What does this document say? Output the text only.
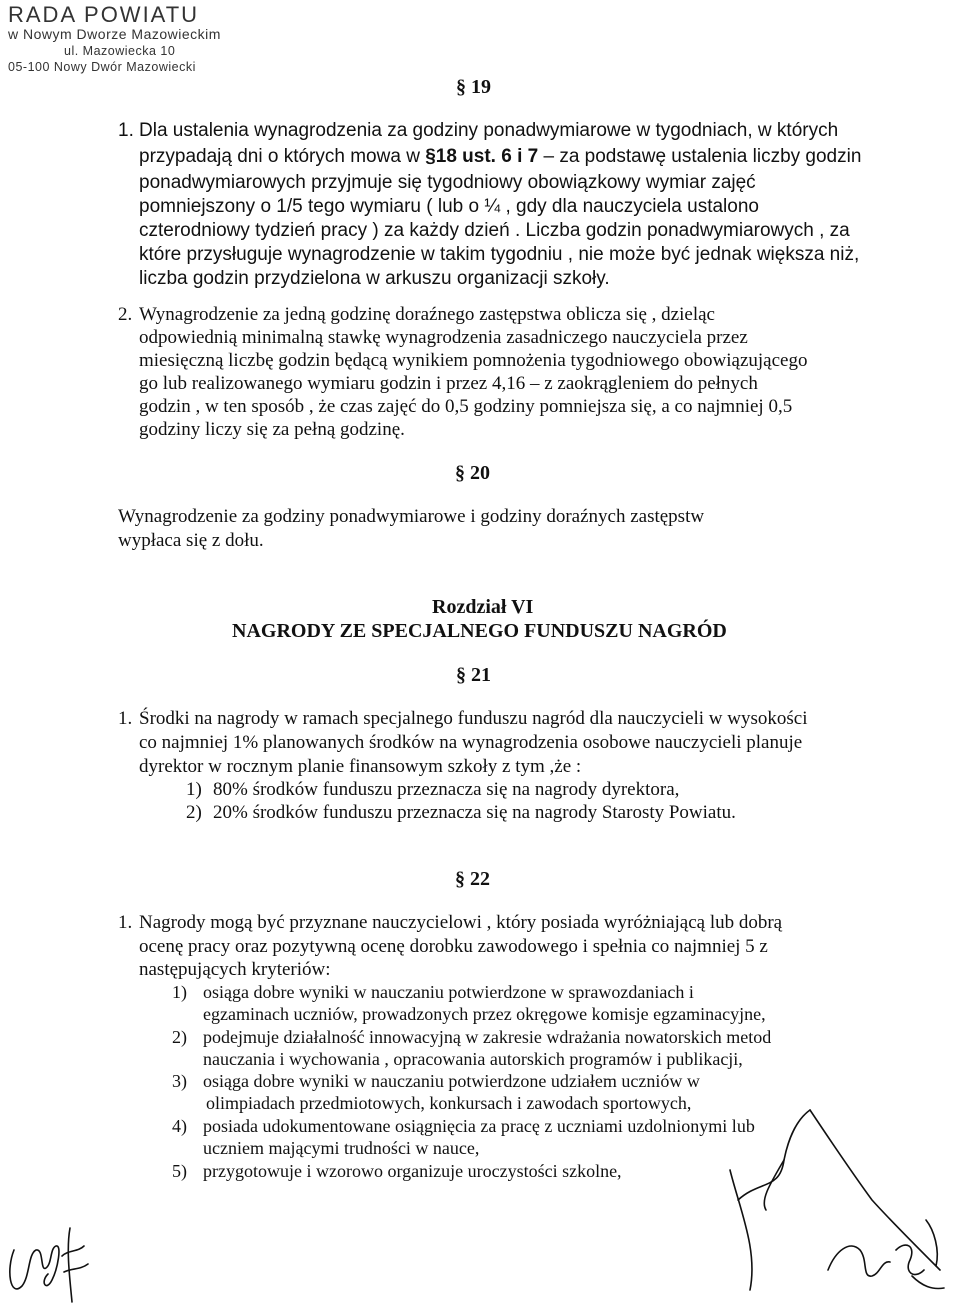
RADA POWIATU
w Nowym Dworze Mazowieckim
ul. Mazowiecka 10
05-100 Nowy Dwór Mazowiecki
§ 19
1. Dla ustalenia wynagrodzenia za godziny ponadwymiarowe w tygodniach, w których
przypadają dni o których mowa w §18 ust. 6 i 7 – za podstawę ustalenia liczby godzin
ponadwymiarowych przyjmuje się tygodniowy obowiązkowy wymiar zajęć
pomniejszony o 1/5 tego wymiaru ( lub o ¼ , gdy dla nauczyciela ustalono
czterodniowy tydzień pracy ) za każdy dzień . Liczba godzin ponadwymiarowych , za
które przysługuje wynagrodzenie w takim tygodniu , nie może być jednak większa niż,
liczba godzin przydzielona w arkuszu organizacji szkoły.
2. Wynagrodzenie za jedną godzinę doraźnego zastępstwa oblicza się , dzieląc
odpowiednią minimalną stawkę wynagrodzenia zasadniczego nauczyciela przez
miesięczną liczbę godzin będącą wynikiem pomnożenia tygodniowego obowiązującego
go lub realizowanego wymiaru godzin i przez 4,16 – z zaokrągleniem do pełnych
godzin , w ten sposób , że czas zajęć do 0,5 godziny pomniejsza się, a co najmniej 0,5
godziny liczy się za pełną godzinę.
§ 20
Wynagrodzenie za godziny ponadwymiarowe i godziny doraźnych zastępstw
wypłaca się z dołu.
Rozdział VI
NAGRODY ZE SPECJALNEGO FUNDUSZU NAGRÓD
§ 21
1. Środki na nagrody w ramach specjalnego funduszu nagród dla nauczycieli w wysokości
co najmniej 1% planowanych środków na wynagrodzenia osobowe nauczycieli planuje
dyrektor w rocznym planie finansowym szkoły z tym ,że :
1) 80% środków funduszu przeznacza się na nagrody dyrektora,
2) 20% środków funduszu przeznacza się na nagrody Starosty Powiatu.
§ 22
1. Nagrody mogą być przyznane nauczycielowi , który posiada wyróżniającą lub dobrą
ocenę pracy oraz pozytywną ocenę dorobku zawodowego i spełnia co najmniej 5 z
następujących kryteriów:
1) osiąga dobre wyniki w nauczaniu potwierdzone w sprawozdaniach i
egzaminach uczniów, prowadzonych przez okręgowe komisje egzaminacyjne,
2) podejmuje działalność innowacyjną w zakresie wdrażania nowatorskich metod
nauczania i wychowania , opracowania autorskich programów i publikacji,
3) osiąga dobre wyniki w nauczaniu potwierdzone udziałem uczniów w
olimpiadach przedmiotowych, konkursach i zawodach sportowych,
4) posiada udokumentowane osiągnięcia za pracę z uczniami uzdolnionymi lub
uczniem mającymi trudności w nauce,
5) przygotowuje i wzorowo organizuje uroczystości szkolne,
